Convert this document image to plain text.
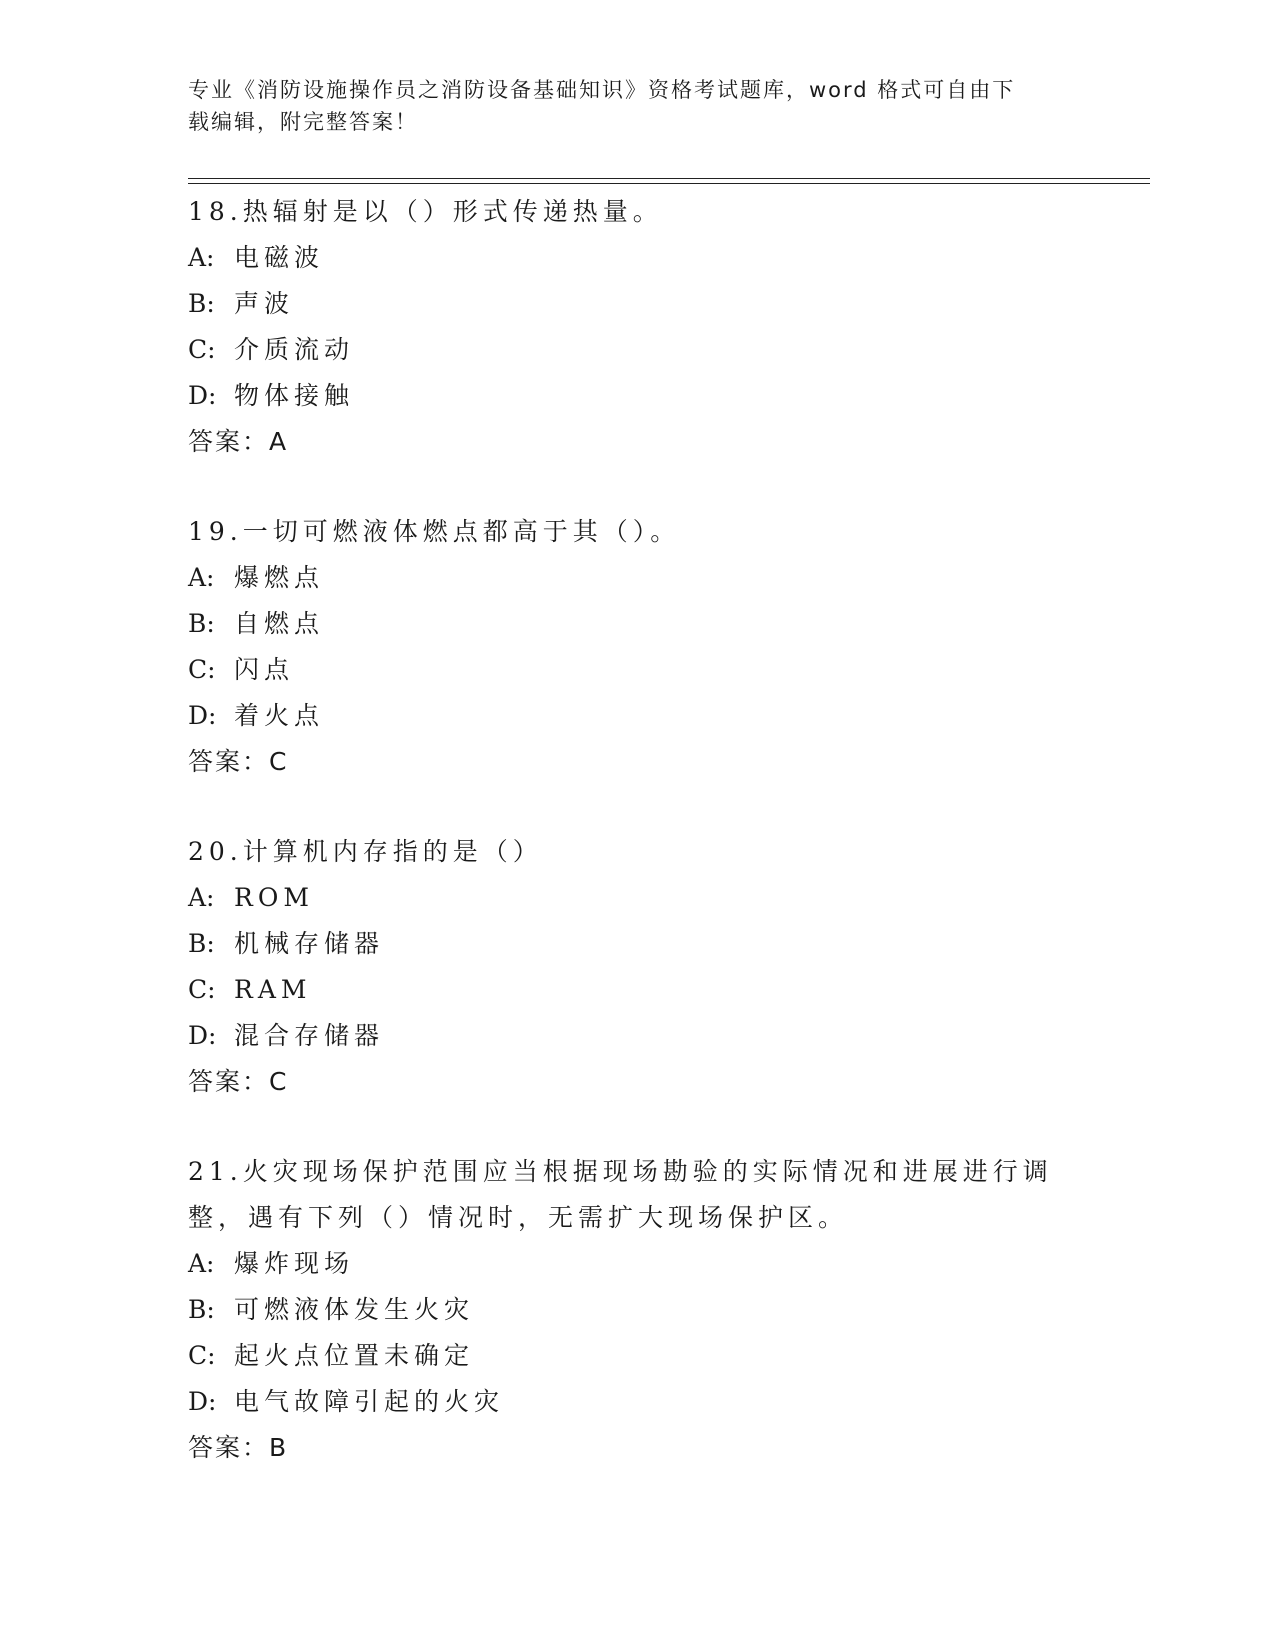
专业《消防设施操作员之消防设备基础知识》资格考试题库，word 格式可自由下
载编辑，附完整答案！
18.热辐射是以（）形式传递热量。
A: 电磁波
B: 声波
C: 介质流动
D: 物体接触
答案：A
19.一切可燃液体燃点都高于其（）。
A: 爆燃点
B: 自燃点
C: 闪点
D: 着火点
答案：C
20.计算机内存指的是（）
A: ROM
B: 机械存储器
C: RAM
D: 混合存储器
答案：C
21.火灾现场保护范围应当根据现场勘验的实际情况和进展进行调整，遇有下列（）情况时，无需扩大现场保护区。
A: 爆炸现场
B: 可燃液体发生火灾
C: 起火点位置未确定
D: 电气故障引起的火灾
答案：B
